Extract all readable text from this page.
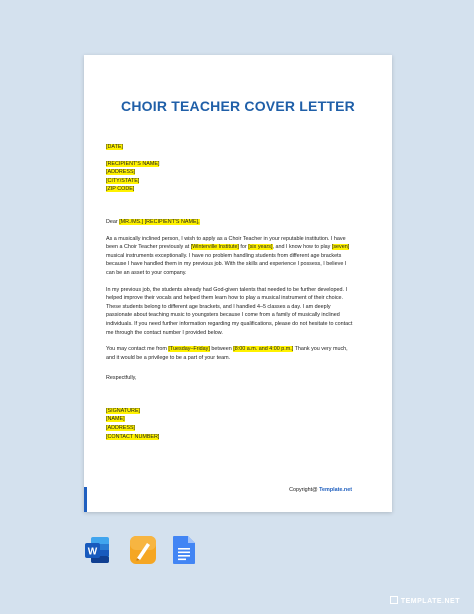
CHOIR TEACHER COVER LETTER
[DATE]
[RECIPIENT'S NAME]
[ADDRESS]
[CITY/STATE]
[ZIP CODE]
Dear [MR./MS.] [RECIPIENT'S NAME],

As a musically inclined person, I wish to apply as a Choir Teacher in your reputable institution. I have been a Choir Teacher previously at [Winterville Institute] for [six years], and I know how to play [seven] musical instruments exceptionally. I have no problem handling students from different age brackets because I have handled them in my previous job. With the skills and experience I possess, I believe I can be an asset to your company.

In my previous job, the students already had God-given talents that needed to be further developed. I helped improve their vocals and helped them learn how to play a musical instrument of their choice. These students belong to different age brackets, and I handled 4–5 classes a day. I am deeply passionate about teaching music to youngsters because I come from a family of musically inclined individuals. If you need further information regarding my qualifications, please do not hesitate to contact me through the contact number I provided below.

You may contact me from [Tuesday–Friday] between [8:00 a.m. and 4:00 p.m.] Thank you very much, and it would be a privilege to be a part of your team.

Respectfully,
[SIGNATURE]
[NAME]
[ADDRESS]
[CONTACT NUMBER]
Copyright@ Template.net
W
TEMPLATE.NET
